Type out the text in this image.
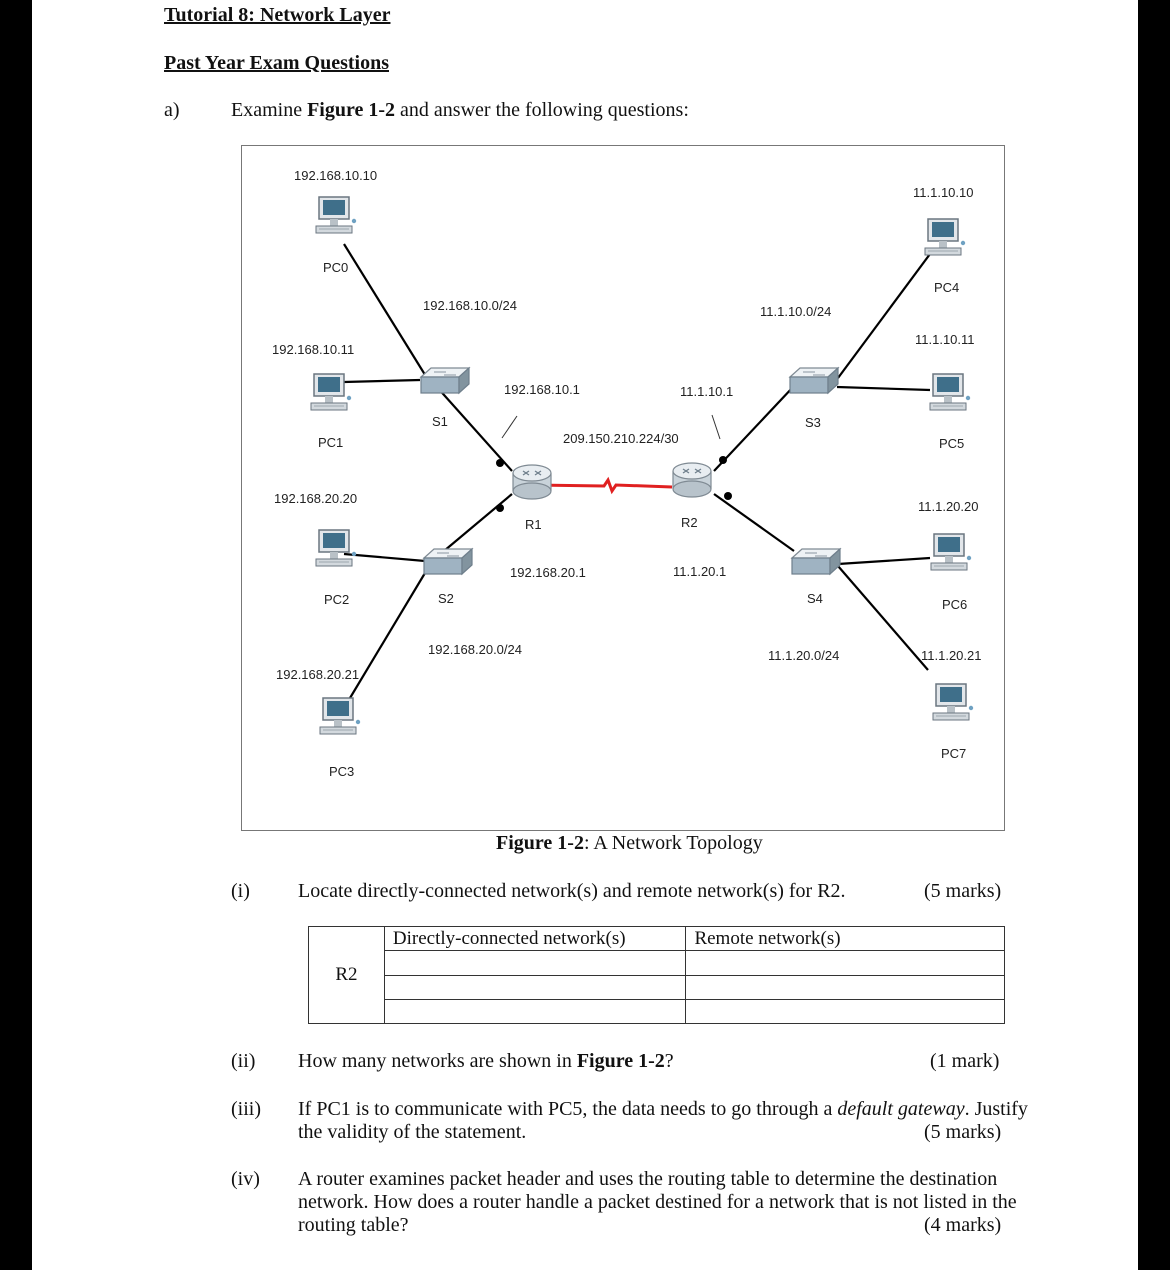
Tutorial 8: Network Layer
Past Year Exam Questions
a)	Examine Figure 1-2 and answer the following questions:
PC0
PC1
PC2
PC3
PC4
PC5
PC6
PC7
S1
S2
S3
S4
R1	R2
192.168.10.10
192.168.10.11
192.168.20.20
192.168.20.21
11.1.10.10
11.1.10.11
11.1.20.20
11.1.20.21
192.168.10.0/24
192.168.20.0/24
11.1.10.0/24
11.1.20.0/24
209.150.210.224/30
192.168.10.1
192.168.20.1
11.1.10.1
11.1.20.1
Figure 1-2: A Network Topology
(i) Locate directly-connected network(s) and remote network(s) for R2.	(5 marks)
R2	Directly-connected network(s)	Remote network(s)

(ii) How many networks are shown in Figure 1-2?	(1 mark)
(iii) If PC1 is to communicate with PC5, the data needs to go through a default gateway. Justify
the validity of the statement.	(5 marks)
(iv) A router examines packet header and uses the routing table to determine the destination
network. How does a router handle a packet destined for a network that is not listed in the
routing table?	(4 marks)
